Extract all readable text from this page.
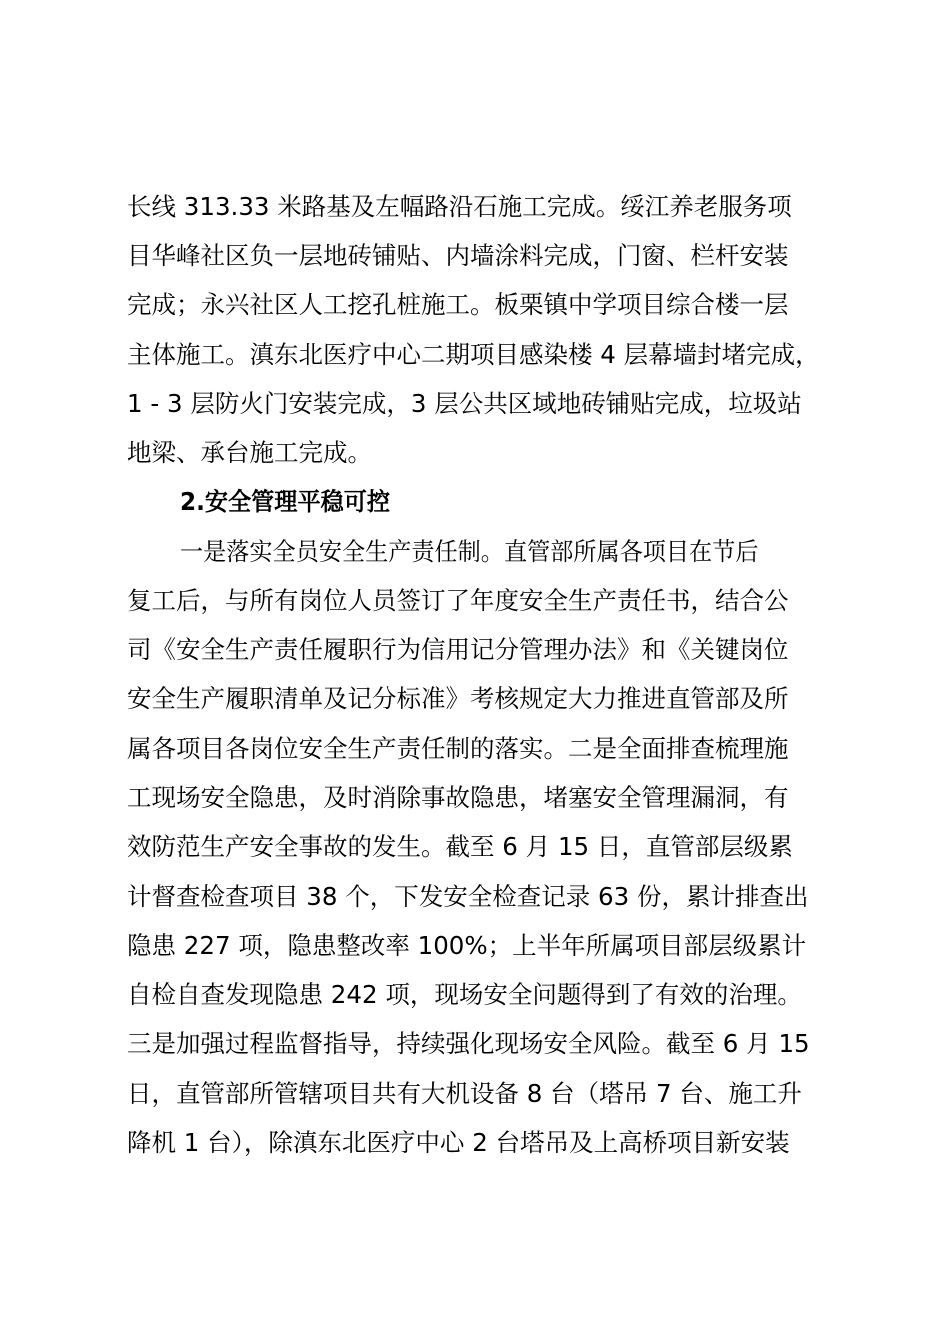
长线 313.33 米路基及左幅路沿石施工完成。绥江养老服务项
目华峰社区负一层地砖铺贴、内墙涂料完成，门窗、栏杆安装
完成；永兴社区人工挖孔桩施工。板栗镇中学项目综合楼一层
主体施工。滇东北医疗中心二期项目感染楼 4 层幕墙封堵完成，
1 - 3 层防火门安装完成，3 层公共区域地砖铺贴完成，垃圾站
地梁、承台施工完成。
2.安全管理平稳可控
一是落实全员安全生产责任制。直管部所属各项目在节后
复工后，与所有岗位人员签订了年度安全生产责任书，结合公
司《安全生产责任履职行为信用记分管理办法》和《关键岗位
安全生产履职清单及记分标准》考核规定大力推进直管部及所
属各项目各岗位安全生产责任制的落实。二是全面排查梳理施
工现场安全隐患，及时消除事故隐患，堵塞安全管理漏洞，有
效防范生产安全事故的发生。截至 6 月 15 日，直管部层级累
计督查检查项目 38 个，下发安全检查记录 63 份，累计排查出
隐患 227 项，隐患整改率 100%；上半年所属项目部层级累计
自检自查发现隐患 242 项，现场安全问题得到了有效的治理。
三是加强过程监督指导，持续强化现场安全风险。截至 6 月 15
日，直管部所管辖项目共有大机设备 8 台（塔吊 7 台、施工升
降机 1 台），除滇东北医疗中心 2 台塔吊及上高桥项目新安装
